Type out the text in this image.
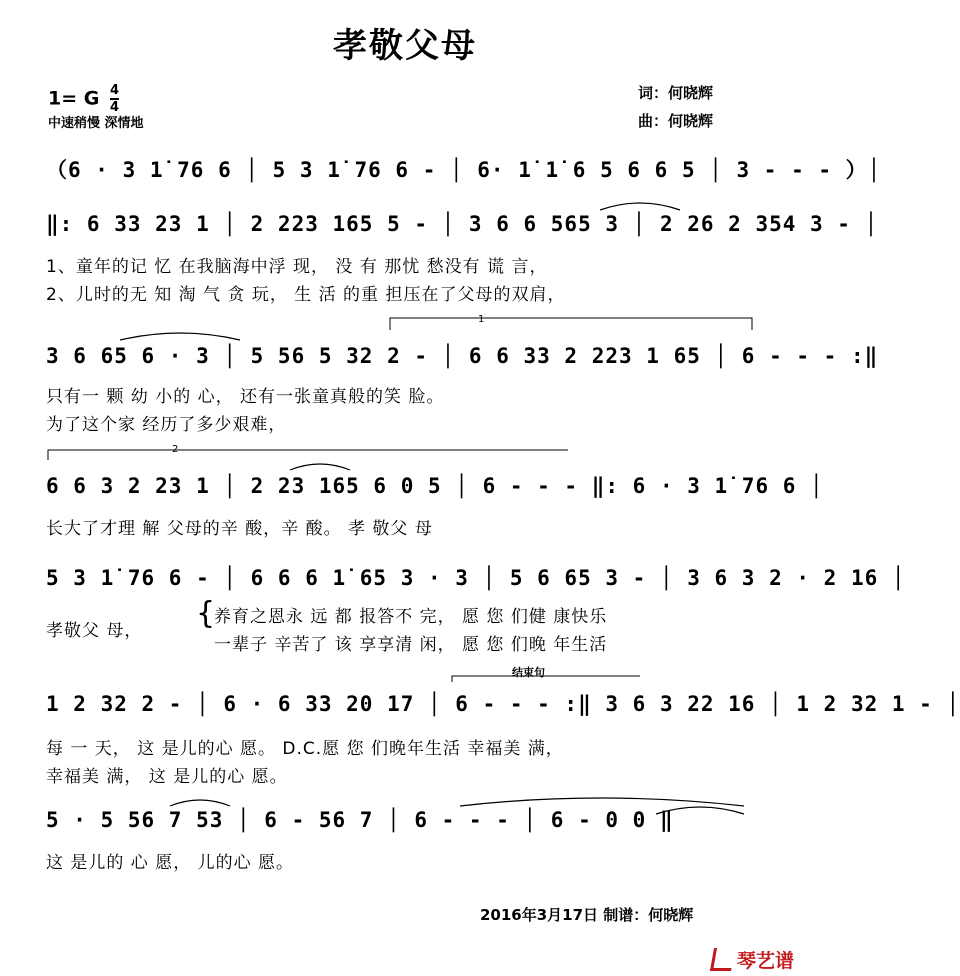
孝敬父母
1= G $\frac{4}{4}$
中速稍慢 深情地
词：何晓辉
曲：何晓辉
（6 · 3 1̇ 76 6 │ 5 3 1̇ 76 6 - │ 6· 1̇ 1̇ 6 5 6 6 5 │ 3 - - - ）│
‖: 6 33 23 1 │ 2 223 165 5 - │ 3 6 6 565 3 │ 2 26 2 354 3 - │
1、童年的记 忆 在我脑海中浮 现， 没 有 那忧 愁没有 谎 言，
2、儿时的无 知 淘 气 贪 玩， 生 活 的重 担压在了父母的双肩，
1
3 6 65 6 · 3 │ 5 56 5 32 2 - │ 6 6 33 2 223 1 65 │ 6 - - - :‖
只有一 颗 幼 小的 心， 还有一张童真般的笑 脸。
为了这个家 经历了多少艰难，
2
6 6 3 2 23 1 │ 2 23 165 6 0 5 │ 6 - - - ‖: 6 · 3 1̇ 76 6 │
长大了才理 解 父母的辛 酸，辛 酸。 孝 敬父 母
5 3 1̇ 76 6 - │ 6 6 6 1̇ 65 3 · 3 │ 5 6 65 3 - │ 3 6 3 2 · 2 16 │
孝敬父 母， {
养育之恩永 远 都 报答不 完， 愿 您 们健 康快乐
一辈子 辛苦了 该 享享清 闲， 愿 您 们晚 年生活
结束句
1 2 32 2 - │ 6 · 6 33 20 17 │ 6 - - - :‖ 3 6 3 22 16 │ 1 2 32 1 - │
每 一 天， 这 是儿的心 愿。 D.C.愿 您 们晚年生活 幸福美 满，
幸福美 满， 这 是儿的心 愿。
5 · 5 56 7 53 │ 6 - 56 7 │ 6 - - - │ 6 - 0 0 ‖
这 是儿的 心 愿， 儿的心 愿。
2016年3月17日 制谱：何晓辉
琴艺谱
